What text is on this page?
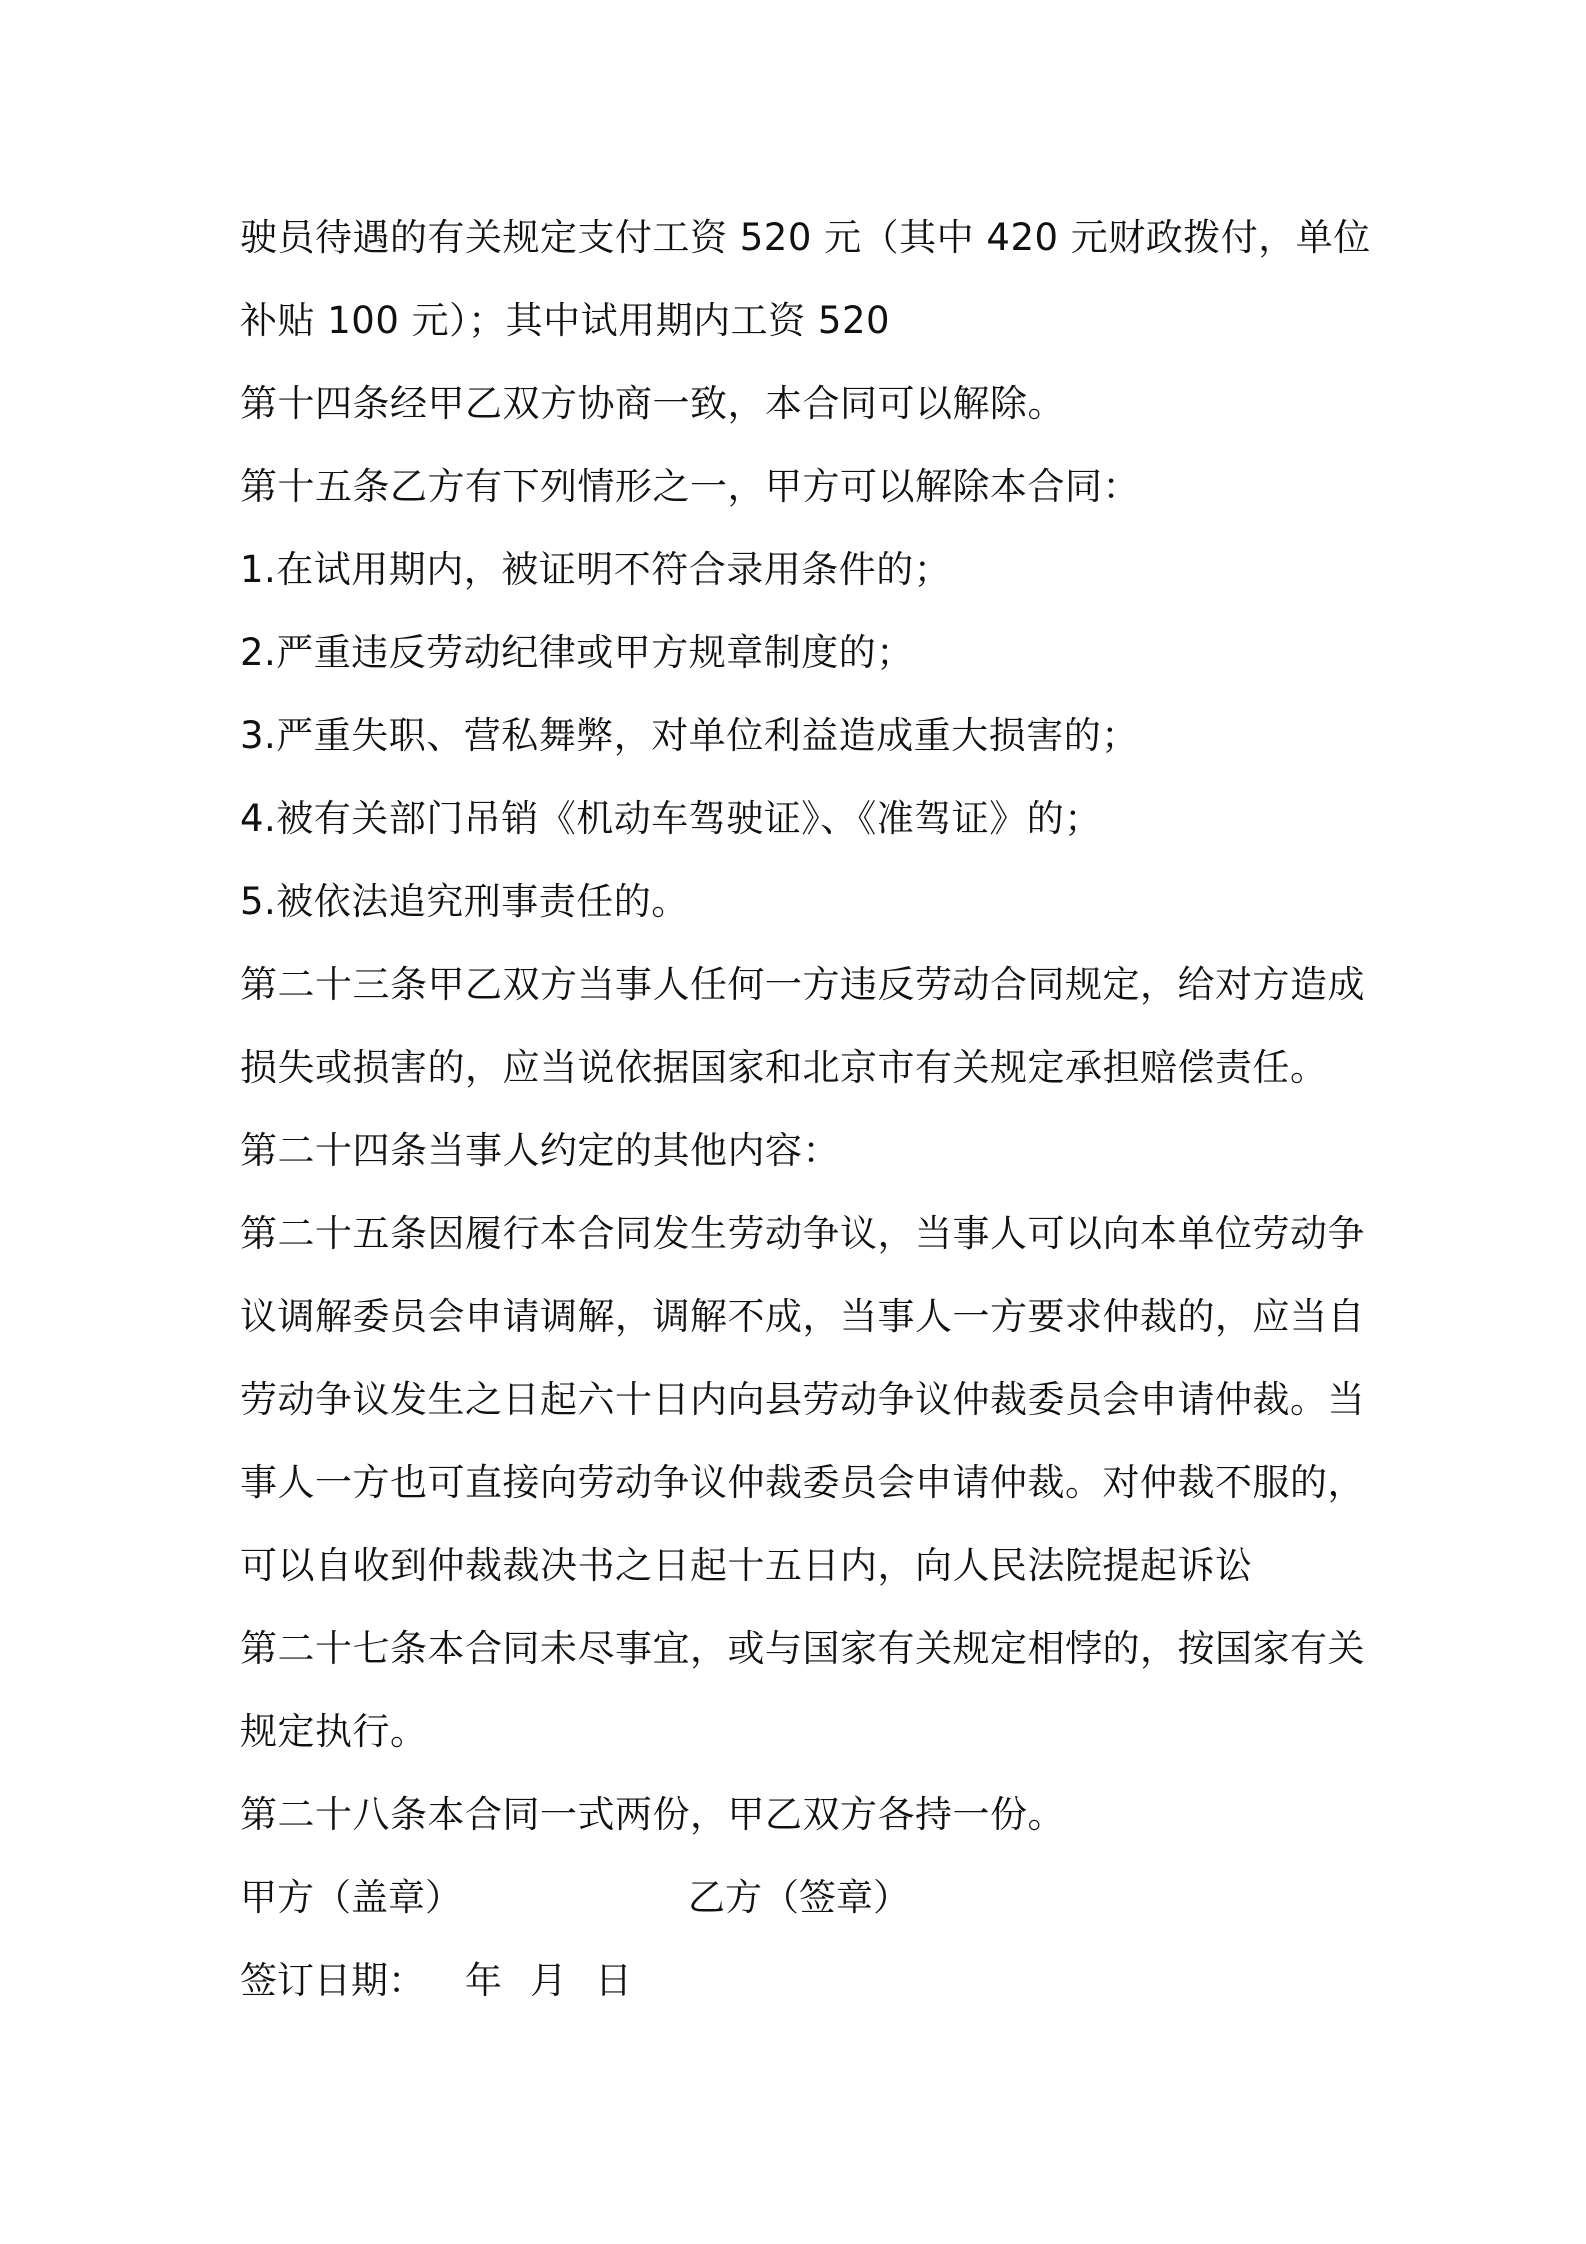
驶员待遇的有关规定支付工资 520 元（其中 420 元财政拨付，单位
补贴 100 元）；其中试用期内工资 520
第十四条经甲乙双方协商一致，本合同可以解除。
第十五条乙方有下列情形之一，甲方可以解除本合同：
1.在试用期内，被证明不符合录用条件的；
2.严重违反劳动纪律或甲方规章制度的；
3.严重失职、营私舞弊，对单位利益造成重大损害的；
4.被有关部门吊销《机动车驾驶证》、《准驾证》的；
5.被依法追究刑事责任的。
第二十三条甲乙双方当事人任何一方违反劳动合同规定，给对方造成
损失或损害的，应当说依据国家和北京市有关规定承担赔偿责任。
第二十四条当事人约定的其他内容：
第二十五条因履行本合同发生劳动争议，当事人可以向本单位劳动争
议调解委员会申请调解，调解不成，当事人一方要求仲裁的，应当自
劳动争议发生之日起六十日内向县劳动争议仲裁委员会申请仲裁。当
事人一方也可直接向劳动争议仲裁委员会申请仲裁。对仲裁不服的，
可以自收到仲裁裁决书之日起十五日内，向人民法院提起诉讼
第二十七条本合同未尽事宜，或与国家有关规定相悖的，按国家有关
规定执行。
第二十八条本合同一式两份，甲乙双方各持一份。
甲方（盖章）	乙方（签章）
签订日期：	年 月 日
